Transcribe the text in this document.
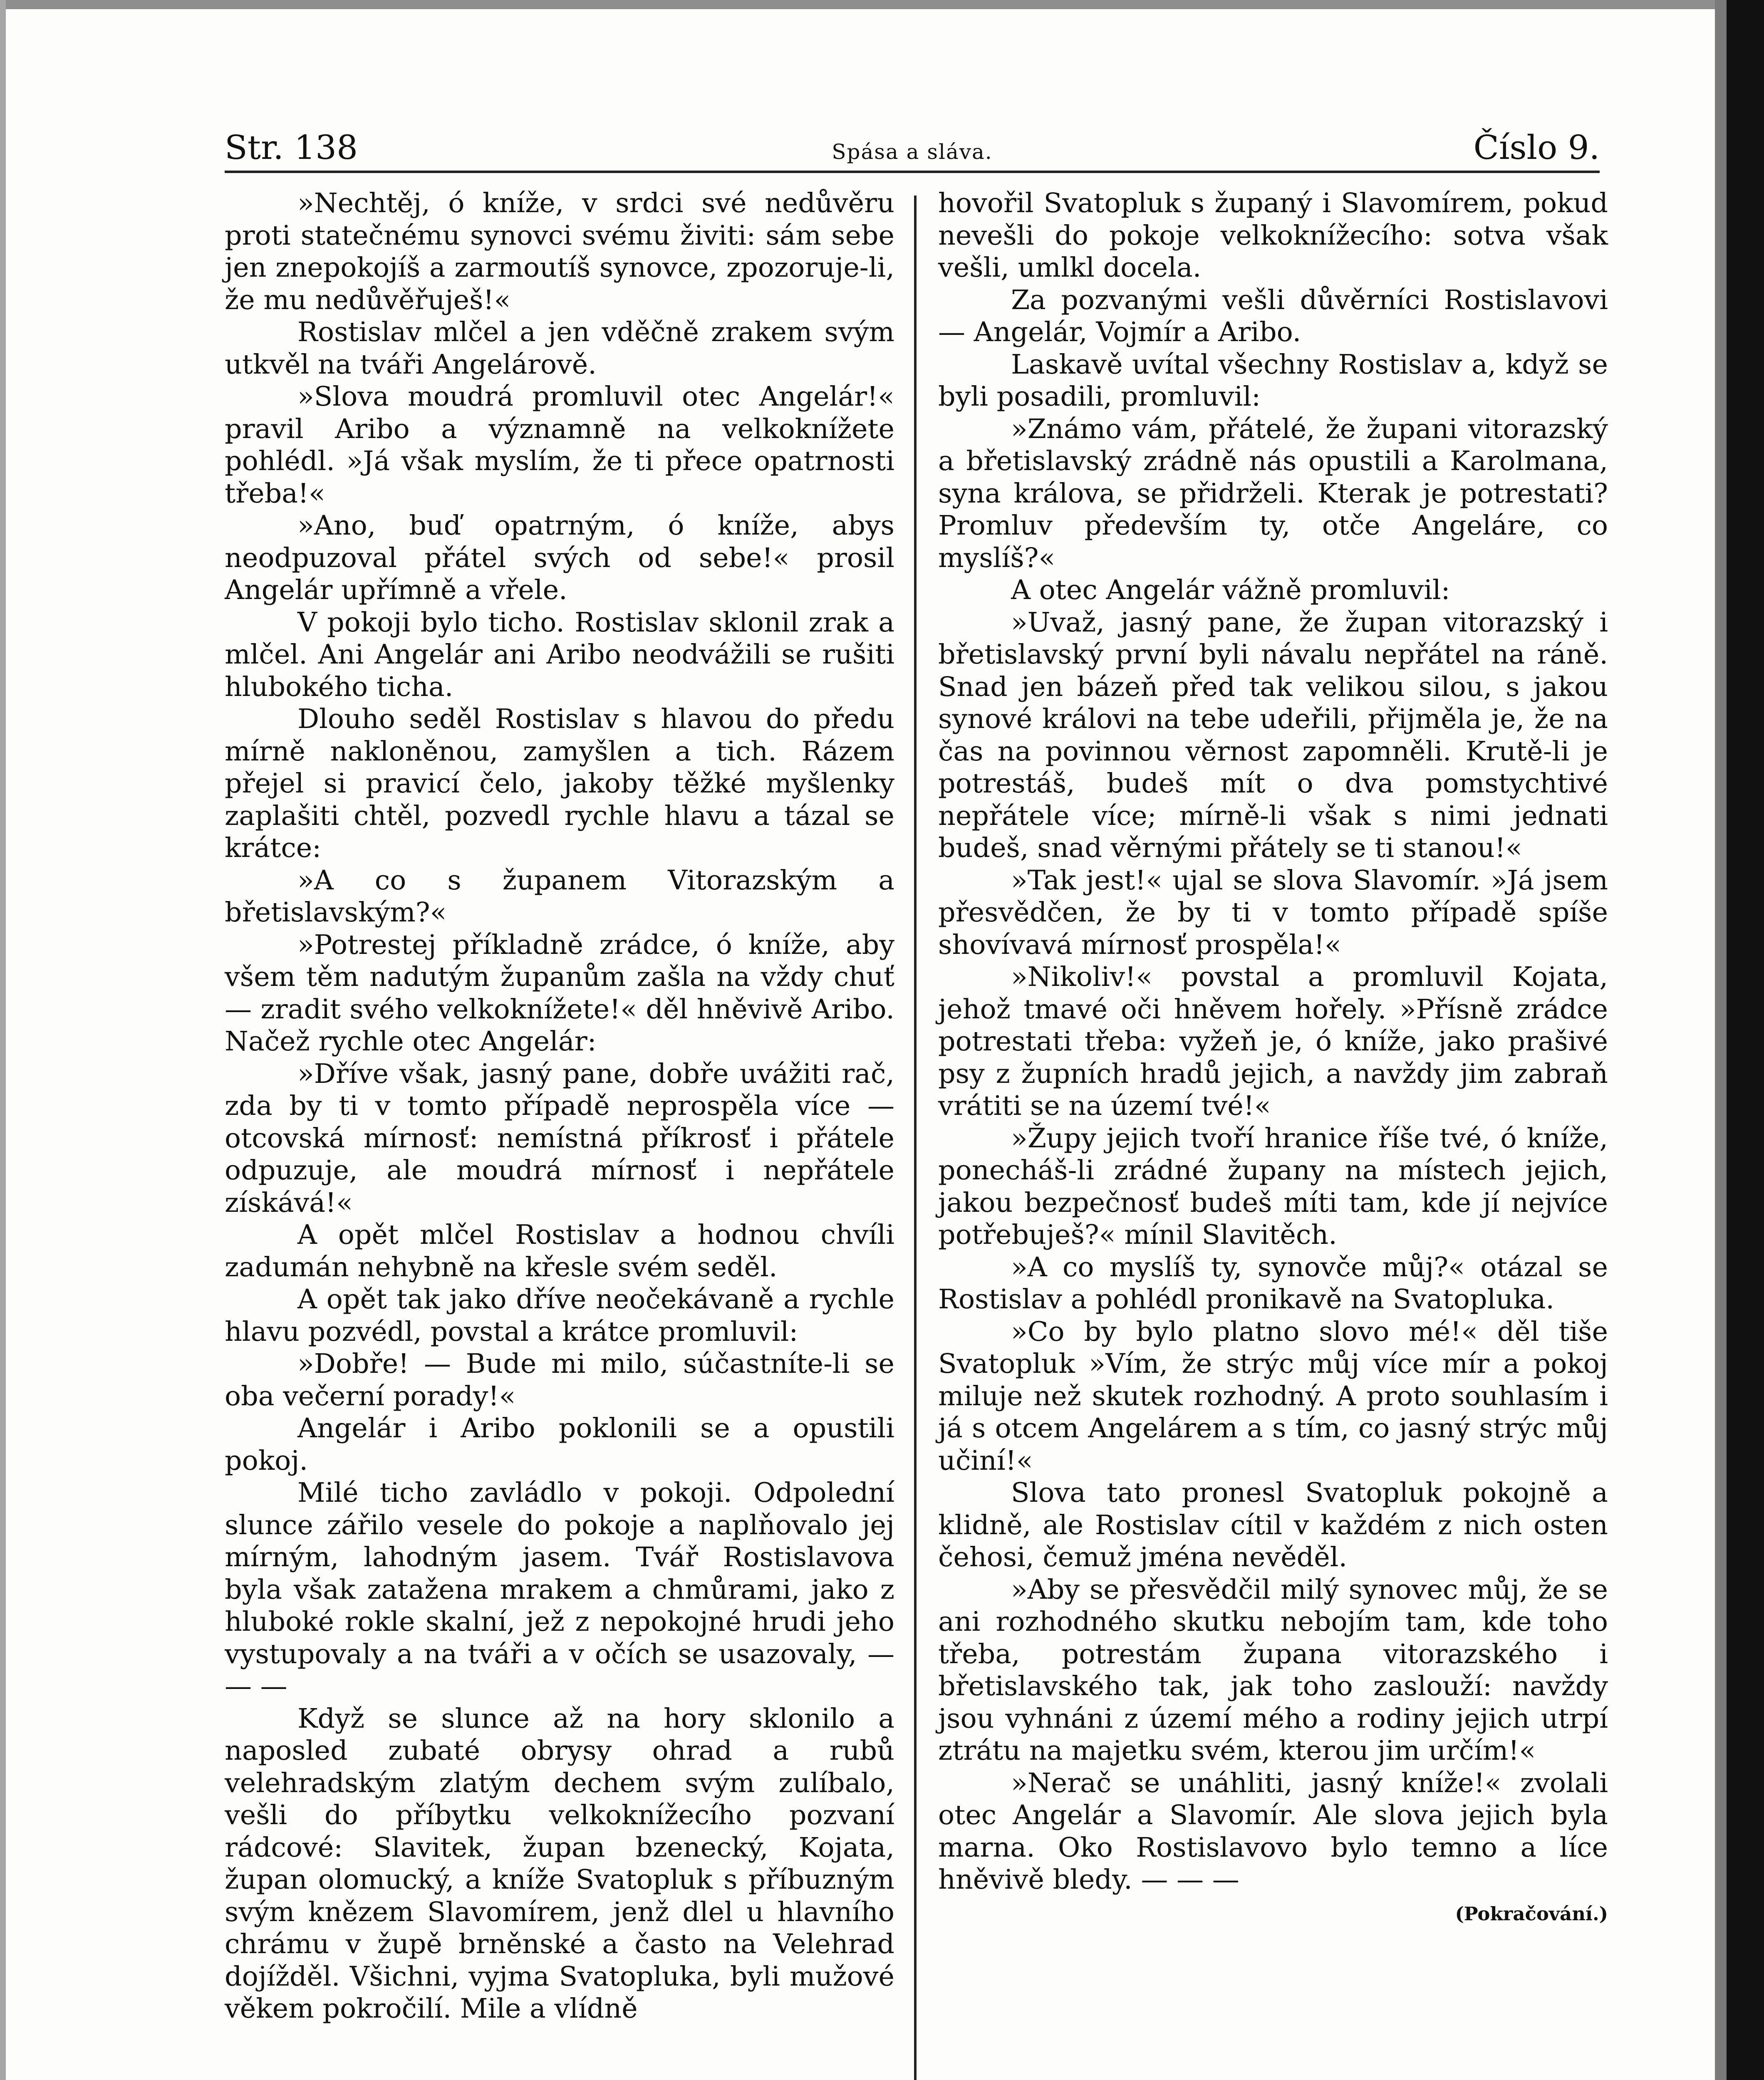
Str. 138	Spása a sláva.	Číslo 9.

»Nechtěj, ó kníže, v srdci své nedůvěru proti statečnému synovci svému živiti: sám sebe jen znepokojíš a zarmoutíš synovce, zpozoruje-li, že mu nedůvěřuješ!«

Rostislav mlčel a jen vděčně zrakem svým utkvěl na tváři Angelárově.

»Slova moudrá promluvil otec Angelár!« pravil Aribo a významně na velkoknížete pohlédl. »Já však myslím, že ti přece opatrnosti třeba!«

»Ano, buď opatrným, ó kníže, abys neodpuzoval přátel svých od sebe!« prosil Angelár upřímně a vřele.

V pokoji bylo ticho. Rostislav sklonil zrak a mlčel. Ani Angelár ani Aribo neodvážili se rušiti hlubokého ticha.

Dlouho seděl Rostislav s hlavou do předu mírně nakloněnou, zamyšlen a tich. Rázem přejel si pravicí čelo, jakoby těžké myšlenky zaplašiti chtěl, pozvedl rychle hlavu a tázal se krátce:

»A co s županem Vitorazským a břetislavským?«

»Potrestej příkladně zrádce, ó kníže, aby všem těm nadutým županům zašla na vždy chuť — zradit svého velkoknížete!« děl hněvivě Aribo. Načež rychle otec Angelár:

»Dříve však, jasný pane, dobře uvážiti rač, zda by ti v tomto případě neprospěla více — otcovská mírnosť: nemístná příkrosť i přátele odpuzuje, ale moudrá mírnosť i nepřátele získává!«

A opět mlčel Rostislav a hodnou chvíli zadumán nehybně na křesle svém seděl.

A opět tak jako dříve neočekávaně a rychle hlavu pozvédl, povstal a krátce promluvil:

»Dobře! — Bude mi milo, súčastníte-li se oba večerní porady!«

Angelár i Aribo poklonili se a opustili pokoj.

Milé ticho zavládlo v pokoji. Odpolední slunce zářilo vesele do pokoje a naplňovalo jej mírným, lahodným jasem. Tvář Rostislavova byla však zatažena mrakem a chmůrami, jako z hluboké rokle skalní, jež z nepokojné hrudi jeho vystupovaly a na tváři a v očích se usazovaly, — — —

Když se slunce až na hory sklonilo a naposled zubaté obrysy ohrad a rubů velehradským zlatým dechem svým zulíbalo, vešli do příbytku velkoknížecího pozvaní rádcové: Slavitek, župan bzenecký, Kojata, župan olomucký, a kníže Svatopluk s příbuzným svým knězem Slavomírem, jenž dlel u hlavního chrámu v župě brněnské a často na Velehrad dojížděl. Všichni, vyjma Svatopluka, byli mužové věkem pokročilí. Mile a vlídně

hovořil Svatopluk s županý i Slavomírem, pokud nevešli do pokoje velkoknížecího: sotva však vešli, umlkl docela.

Za pozvanými vešli důvěrníci Rostislavovi — Angelár, Vojmír a Aribo.

Laskavě uvítal všechny Rostislav a, když se byli posadili, promluvil:

»Známo vám, přátelé, že župani vitorazský a břetislavský zrádně nás opustili a Karolmana, syna králova, se přidrželi. Kterak je potrestati? Promluv především ty, otče Angeláre, co myslíš?«

A otec Angelár vážně promluvil:

»Uvaž, jasný pane, že župan vitorazský i břetislavský první byli návalu nepřátel na ráně. Snad jen bázeň před tak velikou silou, s jakou synové královi na tebe udeřili, přijměla je, že na čas na povinnou věrnost zapomněli. Krutě-li je potrestáš, budeš mít o dva pomstychtivé nepřátele více; mírně-li však s nimi jednati budeš, snad věrnými přátely se ti stanou!«

»Tak jest!« ujal se slova Slavomír. »Já jsem přesvědčen, že by ti v tomto případě spíše shovívavá mírnosť prospěla!«

»Nikoliv!« povstal a promluvil Kojata, jehož tmavé oči hněvem hořely. »Přísně zrádce potrestati třeba: vyžeň je, ó kníže, jako prašivé psy z župních hradů jejich, a navždy jim zabraň vrátiti se na území tvé!«

»Župy jejich tvoří hranice říše tvé, ó kníže, ponecháš-li zrádné župany na místech jejich, jakou bezpečnosť budeš míti tam, kde jí nejvíce potřebuješ?« mínil Slavitěch.

»A co myslíš ty, synovče můj?« otázal se Rostislav a pohlédl pronikavě na Svatopluka.

»Co by bylo platno slovo mé!« děl tiše Svatopluk »Vím, že strýc můj více mír a pokoj miluje než skutek rozhodný. A proto souhlasím i já s otcem Angelárem a s tím, co jasný strýc můj učiní!«

Slova tato pronesl Svatopluk pokojně a klidně, ale Rostislav cítil v každém z nich osten čehosi, čemuž jména nevěděl.

»Aby se přesvědčil milý synovec můj, že se ani rozhodného skutku nebojím tam, kde toho třeba, potrestám župana vitorazského i břetislavského tak, jak toho zaslouží: navždy jsou vyhnáni z území mého a rodiny jejich utrpí ztrátu na majetku svém, kterou jim určím!«

»Nerač se unáhliti, jasný kníže!« zvolali otec Angelár a Slavomír. Ale slova jejich byla marna. Oko Rostislavovo bylo temno a líce hněvivě bledy. — — —

(Pokračování.)
